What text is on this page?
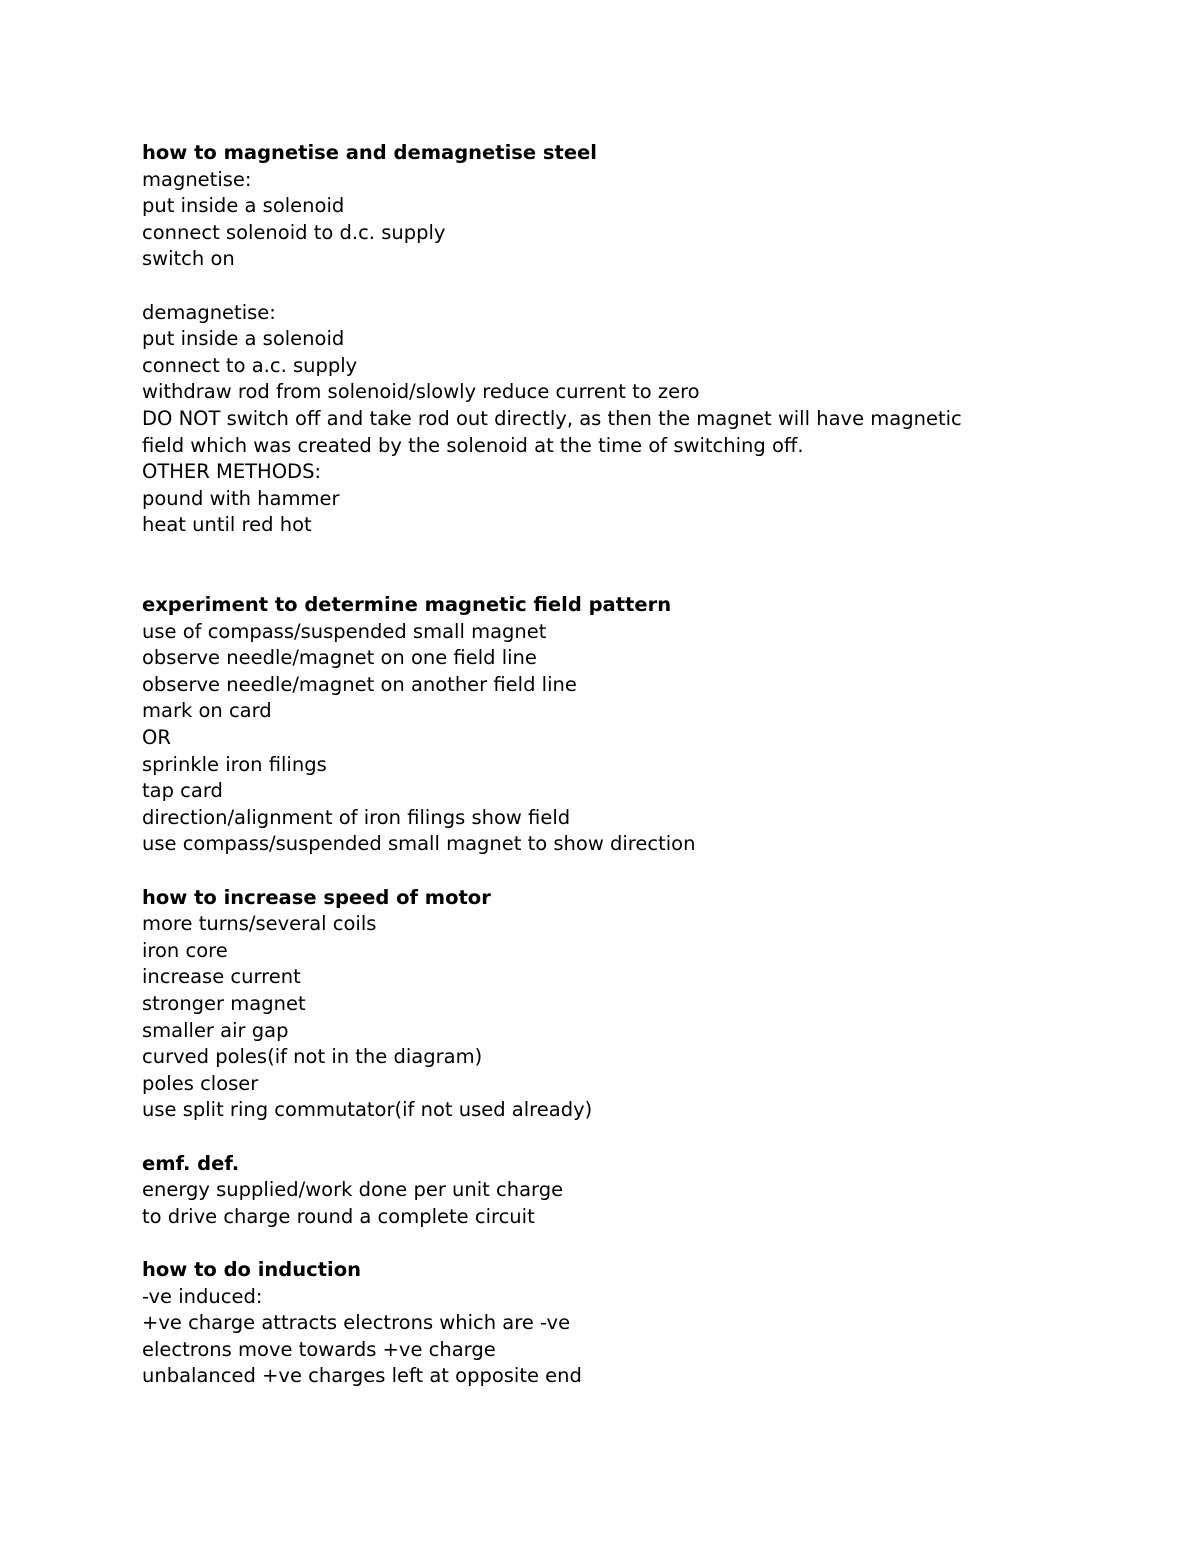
how to magnetise and demagnetise steel
magnetise:
put inside a solenoid
connect solenoid to d.c. supply
switch on
demagnetise:
put inside a solenoid
connect to a.c. supply
withdraw rod from solenoid/slowly reduce current to zero
DO NOT switch off and take rod out directly, as then the magnet will have magnetic
field which was created by the solenoid at the time of switching off.
OTHER METHODS:
pound with hammer
heat until red hot
experiment to determine magnetic field pattern
use of compass/suspended small magnet
observe needle/magnet on one field line
observe needle/magnet on another field line
mark on card
OR
sprinkle iron filings
tap card
direction/alignment of iron filings show field
use compass/suspended small magnet to show direction
how to increase speed of motor
more turns/several coils
iron core
increase current
stronger magnet
smaller air gap
curved poles(if not in the diagram)
poles closer
use split ring commutator(if not used already)
emf. def.
energy supplied/work done per unit charge
to drive charge round a complete circuit
how to do induction
-ve induced:
+ve charge attracts electrons which are -ve
electrons move towards +ve charge
unbalanced +ve charges left at opposite end
